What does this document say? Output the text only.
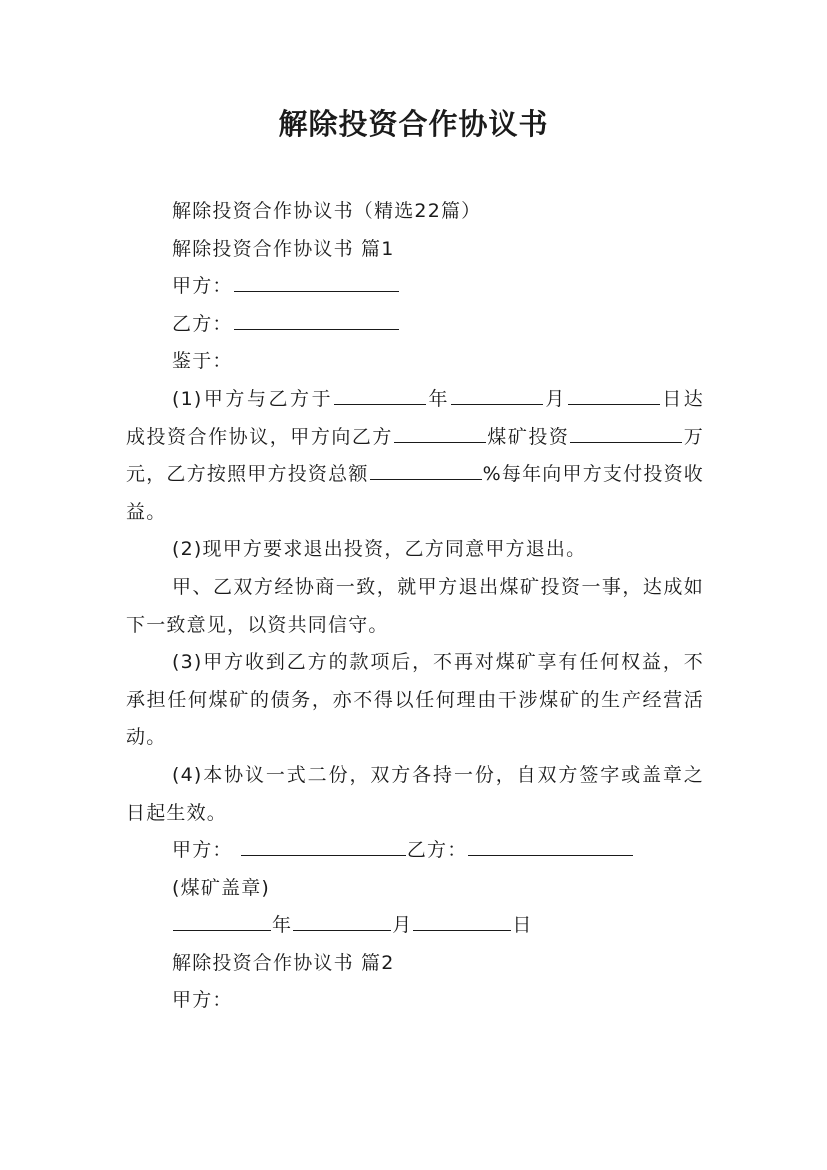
解除投资合作协议书

解除投资合作协议书（精选22篇）

解除投资合作协议书 篇1

甲方：

乙方：

鉴于：

(1)甲方与乙方于	年	月	日达成投资合作协议，甲方向乙方	煤矿投资	万元，乙方按照甲方投资总额	%每年向甲方支付投资收益。

(2)现甲方要求退出投资，乙方同意甲方退出。

甲、乙双方经协商一致，就甲方退出煤矿投资一事，达成如下一致意见，以资共同信守。

(3)甲方收到乙方的款项后，不再对煤矿享有任何权益，不承担任何煤矿的债务，亦不得以任何理由干涉煤矿的生产经营活动。

(4)本协议一式二份，双方各持一份，自双方签字或盖章之日起生效。

甲方：	乙方：

(煤矿盖章)

年	月	日

解除投资合作协议书 篇2

甲方：
